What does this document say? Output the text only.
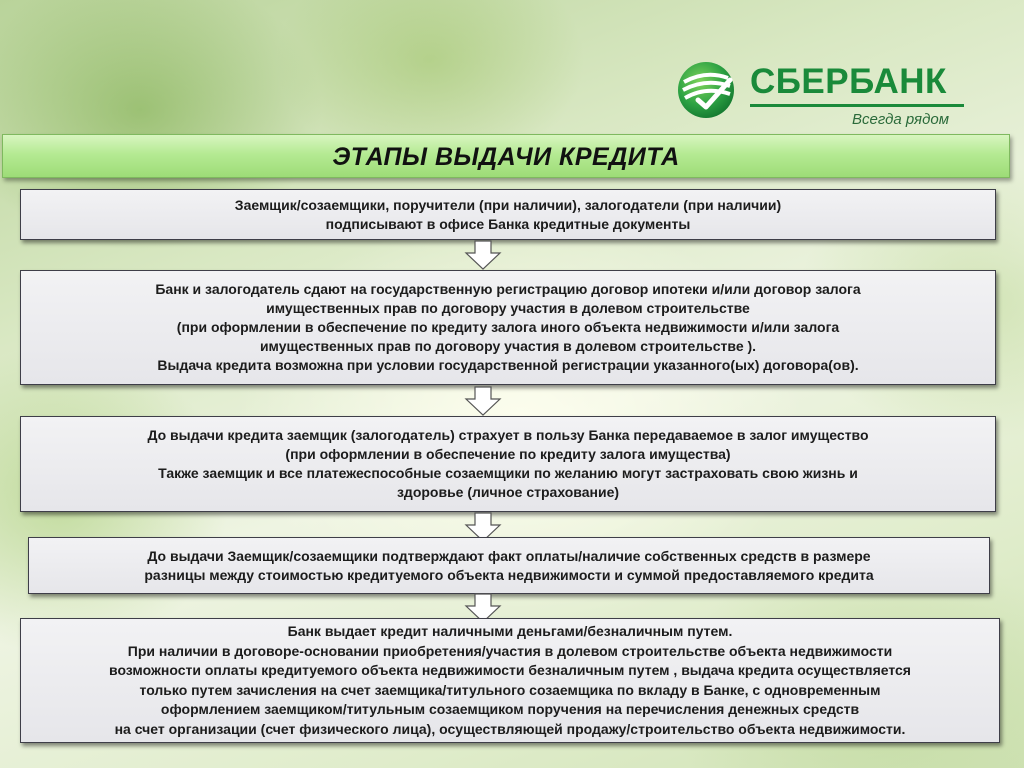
СБЕРБАНК
Всегда рядом
ЭТАПЫ ВЫДАЧИ КРЕДИТА
Заемщик/созаемщики, поручители (при наличии), залогодатели (при наличии)
подписывают в офисе Банка кредитные документы
Банк и залогодатель сдают на государственную регистрацию договор ипотеки и/или договор залога
имущественных прав по договору участия в долевом строительстве
(при оформлении в обеспечение по кредиту залога иного объекта недвижимости и/или залога
имущественных прав по договору участия в долевом строительстве ).
Выдача кредита возможна при условии государственной регистрации указанного(ых) договора(ов).
До выдачи кредита заемщик (залогодатель) страхует в пользу Банка передаваемое в залог имущество
(при оформлении в обеспечение по кредиту залога имущества)
Также заемщик и все платежеспособные созаемщики по желанию могут застраховать свою жизнь и
здоровье (личное страхование)
До выдачи Заемщик/созаемщики подтверждают факт оплаты/наличие собственных средств в размере
разницы между стоимостью кредитуемого объекта недвижимости и суммой предоставляемого кредита
Банк выдает кредит наличными деньгами/безналичным путем.
При наличии в договоре-основании приобретения/участия в долевом строительстве объекта недвижимости
возможности оплаты кредитуемого объекта недвижимости безналичным путем , выдача кредита осуществляется
только путем зачисления на счет заемщика/титульного созаемщика по вкладу в Банке, с одновременным
оформлением заемщиком/титульным созаемщиком поручения на перечисления денежных средств
на счет организации (счет физического лица), осуществляющей продажу/строительство объекта недвижимости.
